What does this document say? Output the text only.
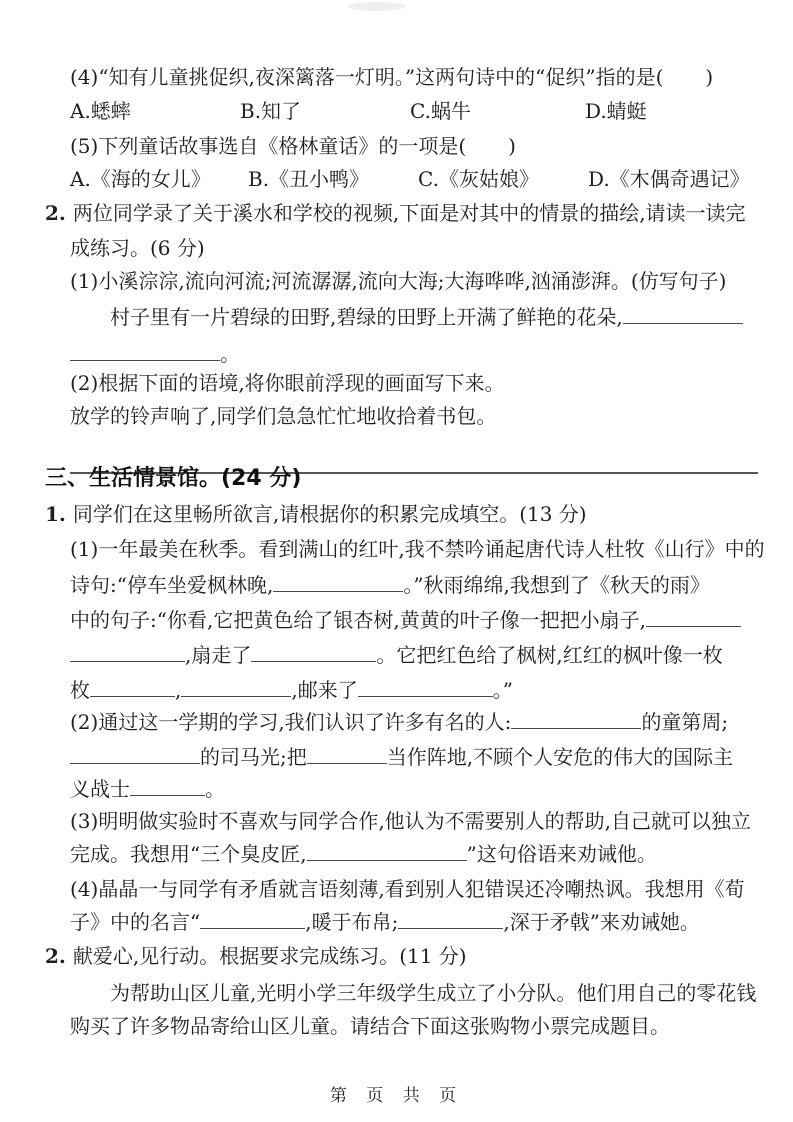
第 页 共 页
(4)“知有儿童挑促织,夜深篱落一灯明。”这两句诗中的“促织”指的是( )
A.蟋蟀	B.知了	C.蜗牛	D.蜻蜓
(5)下列童话故事选自《格林童话》的一项是( )
A.《海的女儿》 B.《丑小鸭》 C.《灰姑娘》 D.《木偶奇遇记》
2. 两位同学录了关于溪水和学校的视频,下面是对其中的情景的描绘,请读一读完
成练习。(6 分)
(1)小溪淙淙,流向河流;河流潺潺,流向大海;大海哗哗,汹涌澎湃。(仿写句子)
村子里有一片碧绿的田野,碧绿的田野上开满了鲜艳的花朵,
。
(2)根据下面的语境,将你眼前浮现的画面写下来。
放学的铃声响了,同学们急急忙忙地收拾着书包。
三、生活情景馆。(24 分)
1. 同学们在这里畅所欲言,请根据你的积累完成填空。(13 分)
(1)一年最美在秋季。看到满山的红叶,我不禁吟诵起唐代诗人杜牧《山行》中的
诗句:“停车坐爱枫林晚,	。”秋雨绵绵,我想到了《秋天的雨》
中的句子:“你看,它把黄色给了银杏树,黄黄的叶子像一把把小扇子,
,扇走了	。它把红色给了枫树,红红的枫叶像一枚
枚	,	,邮来了	。”
(2)通过这一学期的学习,我们认识了许多有名的人:	的童第周;
的司马光;把	当作阵地,不顾个人安危的伟大的国际主
义战士	。
(3)明明做实验时不喜欢与同学合作,他认为不需要别人的帮助,自己就可以独立
完成。我想用“三个臭皮匠,	”这句俗语来劝诫他。
(4)晶晶一与同学有矛盾就言语刻薄,看到别人犯错误还冷嘲热讽。我想用《荀
子》中的名言“	,暖于布帛;	,深于矛戟”来劝诫她。
2. 献爱心,见行动。根据要求完成练习。(11 分)
为帮助山区儿童,光明小学三年级学生成立了小分队。他们用自己的零花钱
购买了许多物品寄给山区儿童。请结合下面这张购物小票完成题目。
